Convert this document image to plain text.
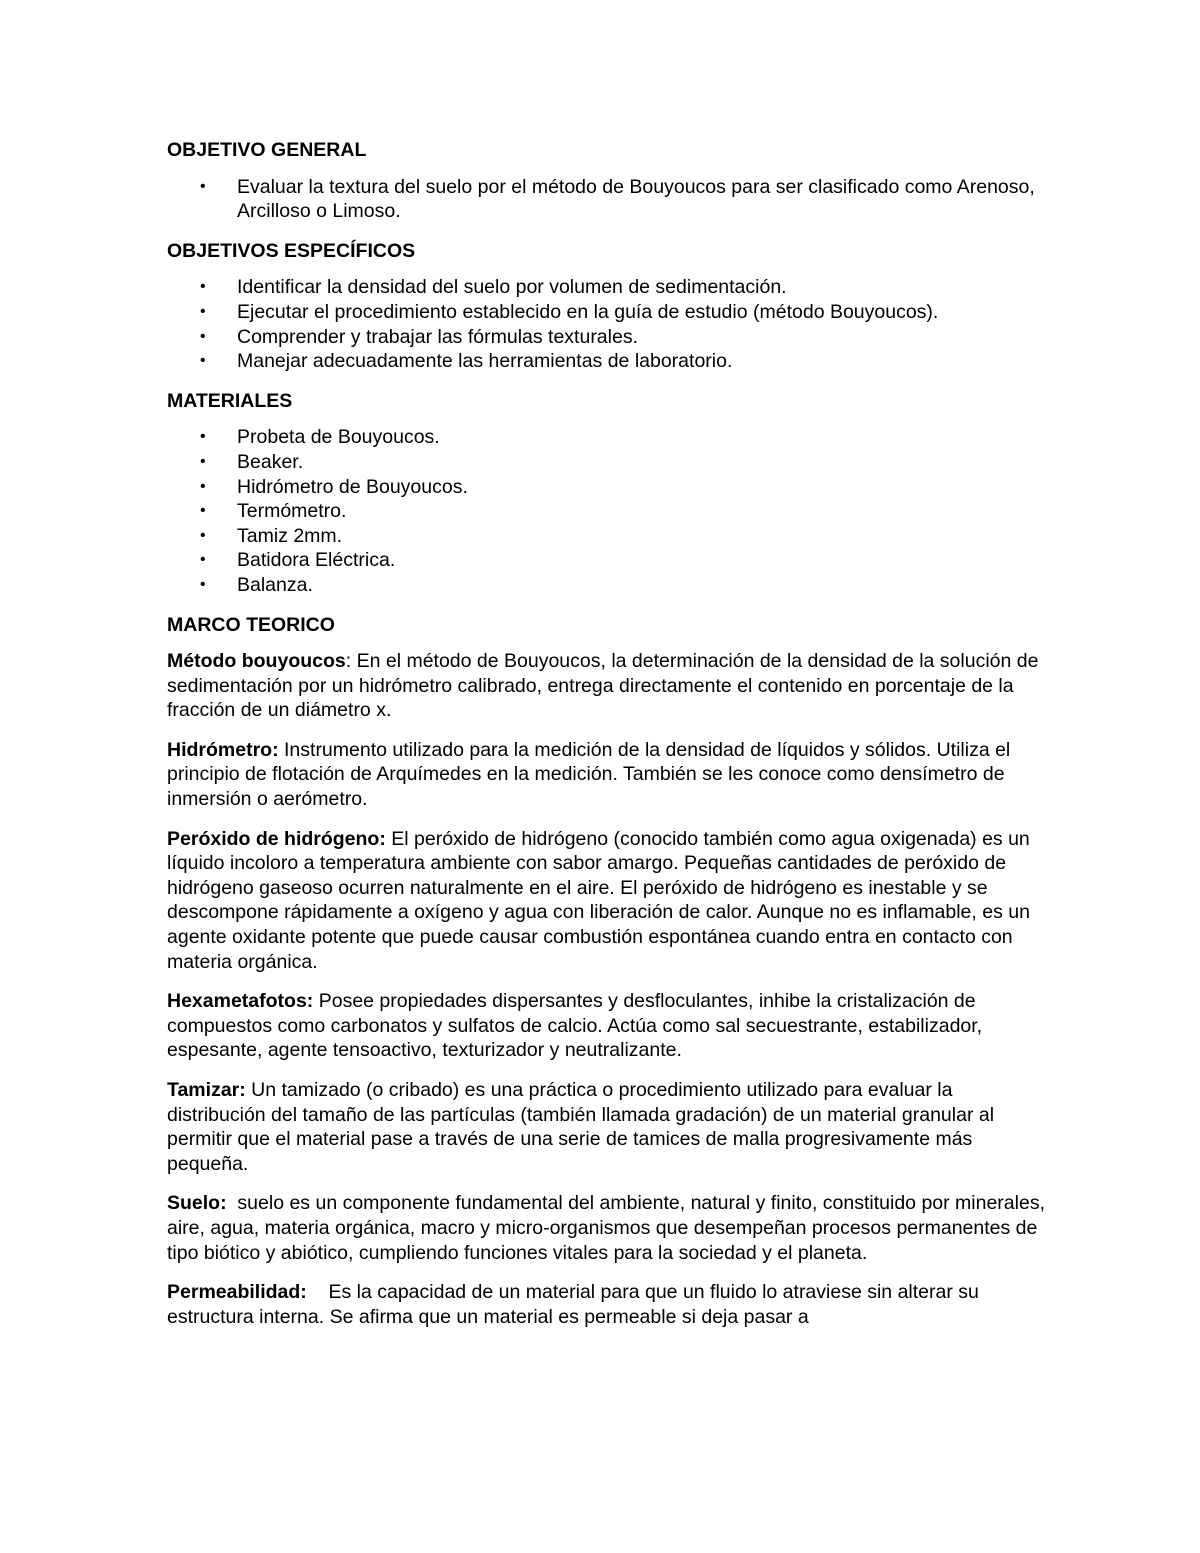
OBJETIVO GENERAL
• Evaluar la textura del suelo por el método de Bouyoucos para ser clasificado como Arenoso, Arcilloso o Limoso.
OBJETIVOS ESPECÍFICOS
• Identificar la densidad del suelo por volumen de sedimentación.
• Ejecutar el procedimiento establecido en la guía de estudio (método Bouyoucos).
• Comprender y trabajar las fórmulas texturales.
• Manejar adecuadamente las herramientas de laboratorio.
MATERIALES
• Probeta de Bouyoucos.
• Beaker.
• Hidrómetro de Bouyoucos.
• Termómetro.
• Tamiz 2mm.
• Batidora Eléctrica.
• Balanza.
MARCO TEORICO

Método bouyoucos: En el método de Bouyoucos, la determinación de la densidad de la solución de sedimentación por un hidrómetro calibrado, entrega directamente el contenido en porcentaje de la fracción de un diámetro x.

Hidrómetro: Instrumento utilizado para la medición de la densidad de líquidos y sólidos. Utiliza el principio de flotación de Arquímedes en la medición. También se les conoce como densímetro de inmersión o aerómetro.

Peróxido de hidrógeno: El peróxido de hidrógeno (conocido también como agua oxigenada) es un líquido incoloro a temperatura ambiente con sabor amargo. Pequeñas cantidades de peróxido de hidrógeno gaseoso ocurren naturalmente en el aire. El peróxido de hidrógeno es inestable y se descompone rápidamente a oxígeno y agua con liberación de calor. Aunque no es inflamable, es un agente oxidante potente que puede causar combustión espontánea cuando entra en contacto con materia orgánica.

Hexametafotos: Posee propiedades dispersantes y desfloculantes, inhibe la cristalización de compuestos como carbonatos y sulfatos de calcio. Actúa como sal secuestrante, estabilizador, espesante, agente tensoactivo, texturizador y neutralizante.

Tamizar: Un tamizado (o cribado) es una práctica o procedimiento utilizado para evaluar la distribución del tamaño de las partículas (también llamada gradación) de un material granular al permitir que el material pase a través de una serie de tamices de malla progresivamente más pequeña.

Suelo:  suelo es un componente fundamental del ambiente, natural y finito, constituido por minerales, aire, agua, materia orgánica, macro y micro-organismos que desempeñan procesos permanentes de tipo biótico y abiótico, cumpliendo funciones vitales para la sociedad y el planeta.

Permeabilidad:    Es la capacidad de un material para que un fluido lo atraviese sin alterar su estructura interna. Se afirma que un material es permeable si deja pasar a
